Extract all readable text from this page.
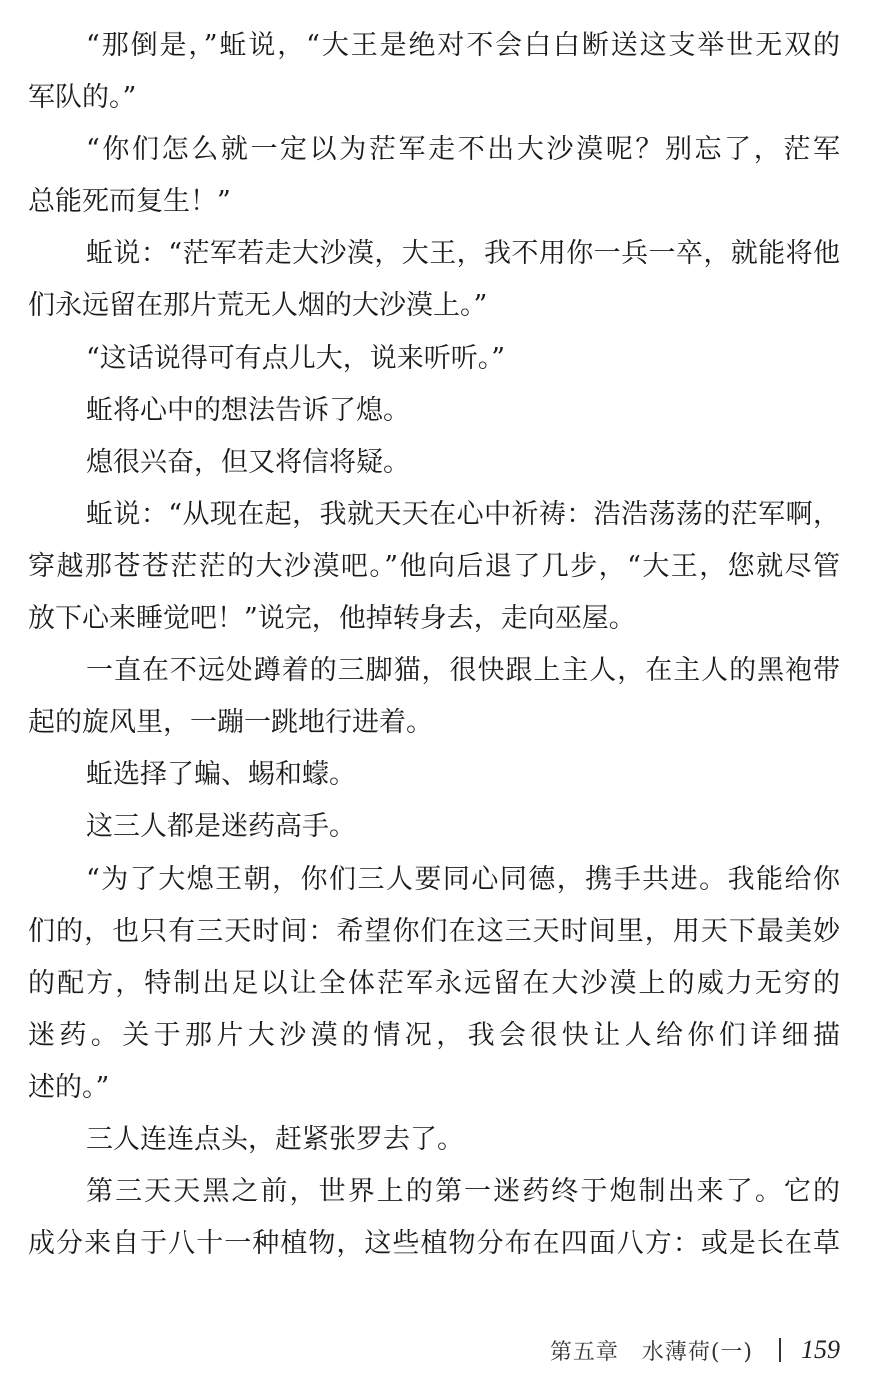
“那倒是，”蚯说，“大王是绝对不会白白断送这支举世无双的
军队的。”
“你们怎么就一定以为茫军走不出大沙漠呢？别忘了，茫军
总能死而复生！”
蚯说：“茫军若走大沙漠，大王，我不用你一兵一卒，就能将他
们永远留在那片荒无人烟的大沙漠上。”
“这话说得可有点儿大，说来听听。”
蚯将心中的想法告诉了熄。
熄很兴奋，但又将信将疑。
蚯说：“从现在起，我就天天在心中祈祷：浩浩荡荡的茫军啊，
穿越那苍苍茫茫的大沙漠吧。”他向后退了几步，“大王，您就尽管
放下心来睡觉吧！”说完，他掉转身去，走向巫屋。
一直在不远处蹲着的三脚猫，很快跟上主人，在主人的黑袍带
起的旋风里，一蹦一跳地行进着。
蚯选择了蝙、蜴和蠓。
这三人都是迷药高手。
“为了大熄王朝，你们三人要同心同德，携手共进。我能给你
们的，也只有三天时间：希望你们在这三天时间里，用天下最美妙
的配方，特制出足以让全体茫军永远留在大沙漠上的威力无穷的
迷药。关于那片大沙漠的情况，我会很快让人给你们详细描
述的。”
三人连连点头，赶紧张罗去了。
第三天天黑之前，世界上的第一迷药终于炮制出来了。它的
成分来自于八十一种植物，这些植物分布在四面八方：或是长在草
第五章　水薄荷(一) 159
